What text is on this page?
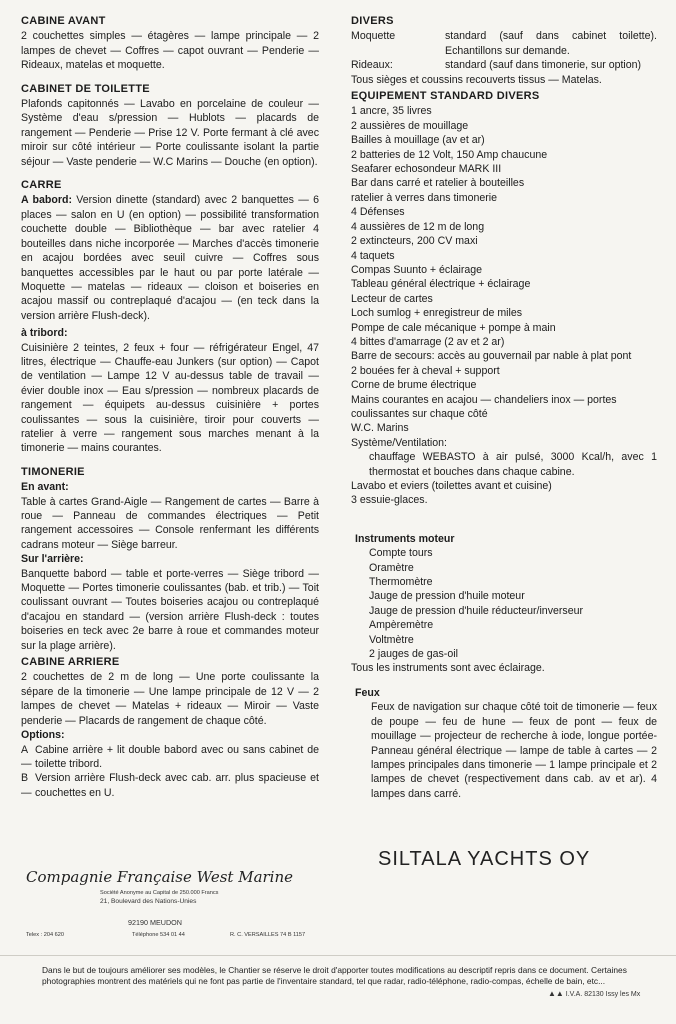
CABINE AVANT
2 couchettes simples — étagères — lampe principale — 2 lampes de chevet — Coffres — capot ouvrant — Penderie — Rideaux, matelas et moquette.
CABINET DE TOILETTE
Plafonds capitonnés — Lavabo en porcelaine de couleur — Système d'eau s/pression — Hublots — placards de rangement — Penderie — Prise 12 V. Porte fermant à clé avec miroir sur côté intérieur — Porte coulissante isolant la partie séjour — Vaste penderie — W.C Marins — Douche (en option).
CARRE
A babord: Version dinette (standard) avec 2 banquettes — 6 places — salon en U (en option) — possibilité transformation couchette double — Bibliothèque — bar avec ratelier 4 bouteilles dans niche incorporée — Marches d'accès timonerie en acajou bordées avec seuil cuivre — Coffres sous banquettes accessibles par le haut ou par porte latérale — Moquette — matelas — rideaux — cloison et boiseries en acajou massif ou contreplaqué d'acajou — (en teck dans la version arrière Flush-deck).
à tribord:
Cuisinière 2 teintes, 2 feux + four — réfrigérateur Engel, 47 litres, électrique — Chauffe-eau Junkers (sur option) — Capot de ventilation — Lampe 12 V au-dessus table de travail — évier double inox — Eau s/pression — nombreux placards de rangement — équipets au-dessus cuisinière + portes coulissantes — sous la cuisinière, tiroir pour couverts — ratelier à verre — rangement sous marches menant à la timonerie — mains courantes.
TIMONERIE
En avant:
Table à cartes Grand-Aigle — Rangement de cartes — Barre à roue — Panneau de commandes électriques — Petit rangement accessoires — Console renfermant les différents cadrans moteur — Siège barreur.
Sur l'arrière:
Banquette babord — table et porte-verres — Siège tribord — Moquette — Portes timonerie coulissantes (bab. et trib.) — Toit coulissant ouvrant — Toutes boiseries acajou ou contreplaqué d'acajou en standard — (version arrière Flush-deck : toutes boiseries en teck avec 2e barre à roue et commandes moteur sur la plage arrière).
CABINE ARRIERE
2 couchettes de 2 m de long — Une porte coulissante la sépare de la timonerie — Une lampe principale de 12 V — 2 lampes de chevet — Matelas + rideaux — Miroir — Vaste penderie — Placards de rangement de chaque côté.
Options:
A —
Cabine arrière + lit double babord avec ou sans cabinet de toilette tribord.
B —
Version arrière Flush-deck avec cab. arr. plus spacieuse et couchettes en U.
DIVERS
Moquette	standard (sauf dans cabinet toilette). Echantillons sur demande.
Rideaux:	standard (sauf dans timonerie, sur option)
Tous sièges et coussins recouverts tissus — Matelas.
EQUIPEMENT STANDARD DIVERS
1 ancre, 35 livres
2 aussières de mouillage
Bailles à mouillage (av et ar)
2 batteries de 12 Volt, 150 Amp chaucune
Seafarer echosondeur MARK III
Bar dans carré et ratelier à bouteilles
ratelier à verres dans timonerie
4 Défenses
4 aussières de 12 m de long
2 extincteurs, 200 CV maxi
4 taquets
Compas Suunto + éclairage
Tableau général électrique + éclairage
Lecteur de cartes
Loch sumlog + enregistreur de miles
Pompe de cale mécanique + pompe à main
4 bittes d'amarrage (2 av et 2 ar)
Barre de secours: accès au gouvernail par nable à plat pont
2 bouées fer à cheval + support
Corne de brume électrique
Mains courantes en acajou — chandeliers inox — portes coulissantes sur chaque côté
W.C. Marins
Système/Ventilation:
chauffage WEBASTO à air pulsé, 3000 Kcal/h, avec 1 thermostat et bouches dans chaque cabine.
Lavabo et eviers (toilettes avant et cuisine)
3 essuie-glaces.
Instruments moteur
Compte tours
Oramètre
Thermomètre
Jauge de pression d'huile moteur
Jauge de pression d'huile réducteur/inverseur
Ampèremètre
Voltmètre
2 jauges de gas-oil
Tous les instruments sont avec éclairage.
Feux
Feux de navigation sur chaque côté toit de timonerie — feux de poupe — feu de hune — feux de pont — feux de mouillage — projecteur de recherche à iode, longue portée-Panneau général électrique — lampe de table à cartes — 2 lampes principales dans timonerie — 1 lampe principale et 2 lampes de chevet (respectivement dans cab. av et ar). 4 lampes dans carré.
SILTALA YACHTS OY
Compagnie Française West Marine
Société Anonyme au Capital de 250.000 Francs
21, Boulevard des Nations-Unies
92190 MEUDON
Telex : 204 620	Téléphone 534 01 44	R. C. VERSAILLES 74 B 1157
Dans le but de toujours améliorer ses modèles, le Chantier se réserve le droit d'apporter toutes modifications au descriptif repris dans ce document. Certaines photographies montrent des matériels qui ne font pas partie de l'inventaire standard, tel que radar, radio-téléphone, radio-compas, échelle de bain, etc...
▲▲ I.V.A. 82130 Issy les Mx
